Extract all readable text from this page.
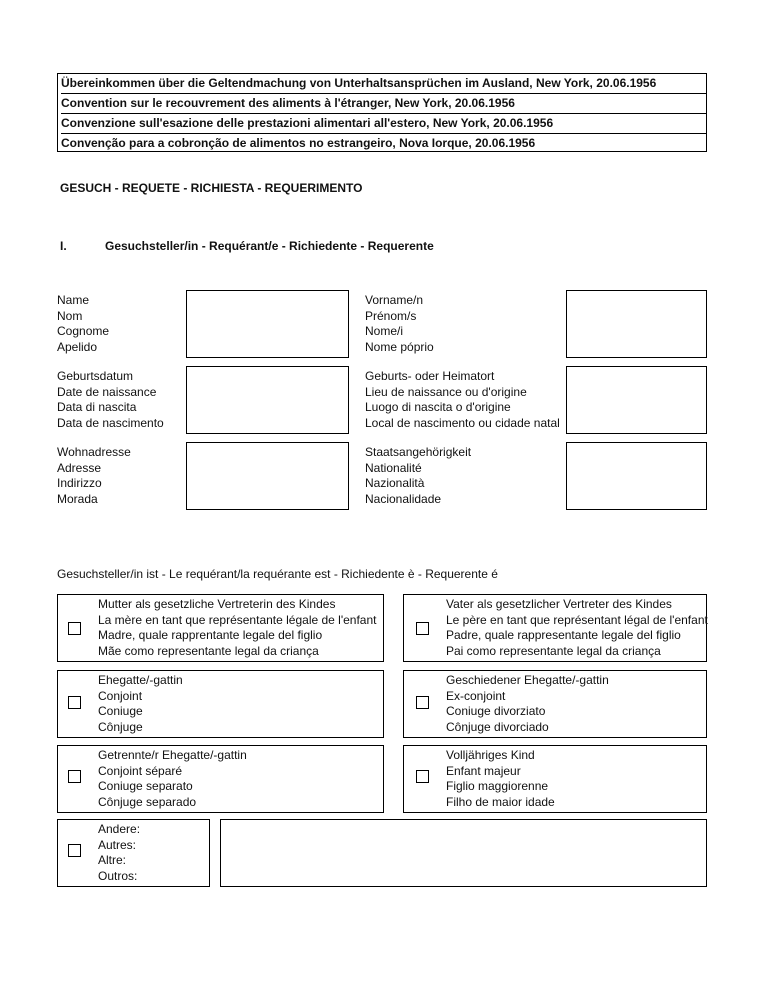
Übereinkommen über die Geltendmachung von Unterhaltsansprüchen im Ausland, New York, 20.06.1956
Convention sur le recouvrement des aliments à l'étranger, New York, 20.06.1956
Convenzione sull'esazione delle prestazioni alimentari all'estero, New York, 20.06.1956
Convenção para a cobronção de alimentos no estrangeiro, Nova Iorque, 20.06.1956
GESUCH - REQUETE - RICHIESTA - REQUERIMENTO
I.	Gesuchsteller/in - Requérant/e - Richiedente - Requerente
Name
Nom
Cognome
Apelido
Vorname/n
Prénom/s
Nome/i
Nome póprio
Geburtsdatum
Date de naissance
Data di nascita
Data de nascimento
Geburts- oder Heimatort
Lieu de naissance ou d'origine
Luogo di nascita o d'origine
Local de nascimento ou cidade natal
Wohnadresse
Adresse
Indirizzo
Morada
Staatsangehörigkeit
Nationalité
Nazionalità
Nacionalidade
Gesuchsteller/in ist - Le requérant/la requérante est - Richiedente è - Requerente é
Mutter als gesetzliche Vertreterin des Kindes
La mère en tant que représentante légale de l'enfant
Madre, quale rapprentante legale del figlio
Mãe como representante legal da criança
Vater als gesetzlicher Vertreter des Kindes
Le père en tant que représentant légal de l'enfant
Padre, quale rappresentante legale del figlio
Pai como representante legal da criança
Ehegatte/-gattin
Conjoint
Coniuge
Cônjuge
Geschiedener Ehegatte/-gattin
Ex-conjoint
Coniuge divorziato
Cônjuge divorciado
Getrennte/r Ehegatte/-gattin
Conjoint séparé
Coniuge separato
Cônjuge separado
Volljähriges Kind
Enfant majeur
Figlio maggiorenne
Filho de maior idade
Andere:
Autres:
Altre:
Outros:
